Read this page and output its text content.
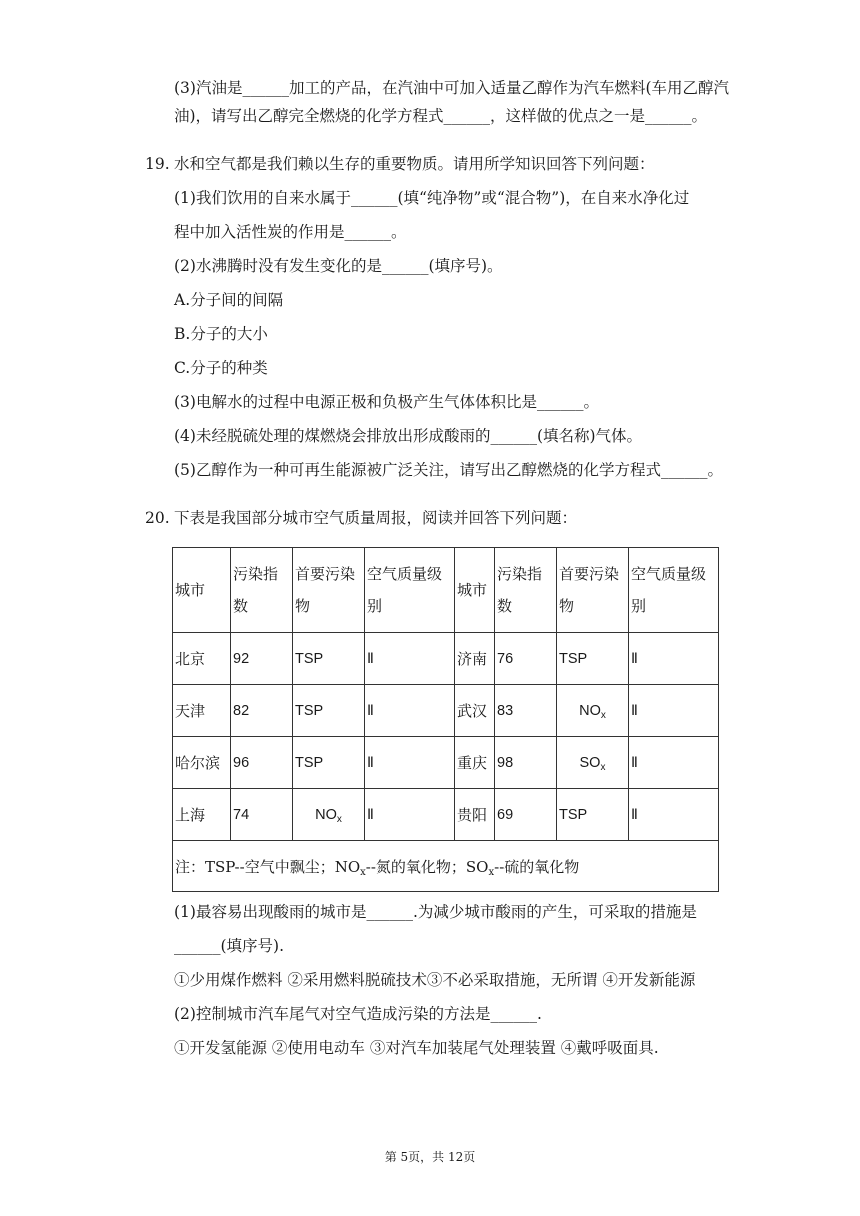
(3)汽油是______加工的产品，在汽油中可加入适量乙醇作为汽车燃料(车用乙醇汽
油)，请写出乙醇完全燃烧的化学方程式______，这样做的优点之一是______。
19. 水和空气都是我们赖以生存的重要物质。请用所学知识回答下列问题：
(1)我们饮用的自来水属于______(填“纯净物”或“混合物”)，在自来水净化过
程中加入活性炭的作用是______。
(2)水沸腾时没有发生变化的是______(填序号)。
A.分子间的间隔
B.分子的大小
C.分子的种类
(3)电解水的过程中电源正极和负极产生气体体积比是______。
(4)未经脱硫处理的煤燃烧会排放出形成酸雨的______(填名称)气体。
(5)乙醇作为一种可再生能源被广泛关注，请写出乙醇燃烧的化学方程式______。
20. 下表是我国部分城市空气质量周报，阅读并回答下列问题：
城市	污染指数	首要污染物	空气质量级别	城市	污染指数	首要污染物	空气质量级别
北京	92	TSP	Ⅱ	济南	76	TSP	Ⅱ
天津	82	TSP	Ⅱ	武汉	83	$NO_x$	Ⅱ
哈尔滨	96	TSP	Ⅱ	重庆	98	$SO_x$	Ⅱ
上海	74	$NO_x$	Ⅱ	贵阳	69	TSP	Ⅱ
注：TSP--空气中飘尘；$NO_x--$氮的氧化物；$SO_x--$硫的氧化物							
(1)最容易出现酸雨的城市是______.为减少城市酸雨的产生，可采取的措施是
______(填序号).
①少用煤作燃料 ②采用燃料脱硫技术③不必采取措施，无所谓 ④开发新能源
(2)控制城市汽车尾气对空气造成污染的方法是______.
①开发氢能源 ②使用电动车 ③对汽车加装尾气处理装置 ④戴呼吸面具.
第 5页，共 12页
